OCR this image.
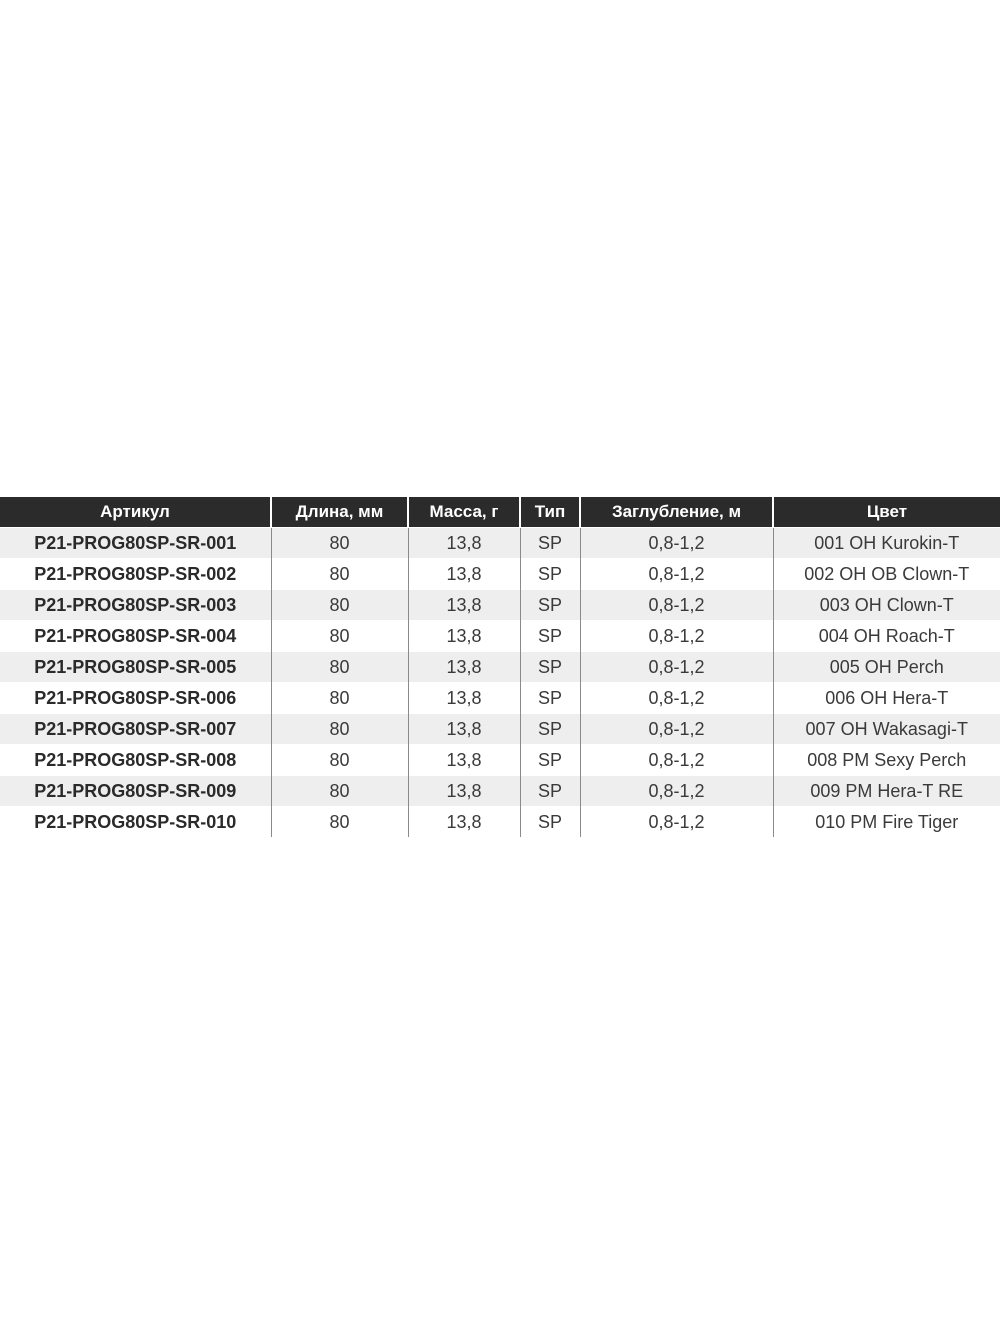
Артикул	Длина, мм	Масса, г	Тип	Заглубление, м	Цвет
P21-PROG80SP-SR-001	80	13,8	SP	0,8-1,2	001 OH Kurokin-T
P21-PROG80SP-SR-002	80	13,8	SP	0,8-1,2	002 OH OB Clown-T
P21-PROG80SP-SR-003	80	13,8	SP	0,8-1,2	003 OH Clown-T
P21-PROG80SP-SR-004	80	13,8	SP	0,8-1,2	004 OH Roach-T
P21-PROG80SP-SR-005	80	13,8	SP	0,8-1,2	005 OH Perch
P21-PROG80SP-SR-006	80	13,8	SP	0,8-1,2	006 OH Hera-T
P21-PROG80SP-SR-007	80	13,8	SP	0,8-1,2	007 OH Wakasagi-T
P21-PROG80SP-SR-008	80	13,8	SP	0,8-1,2	008 PM Sexy Perch
P21-PROG80SP-SR-009	80	13,8	SP	0,8-1,2	009 PM Hera-T RE
P21-PROG80SP-SR-010	80	13,8	SP	0,8-1,2	010 PM Fire Tiger
